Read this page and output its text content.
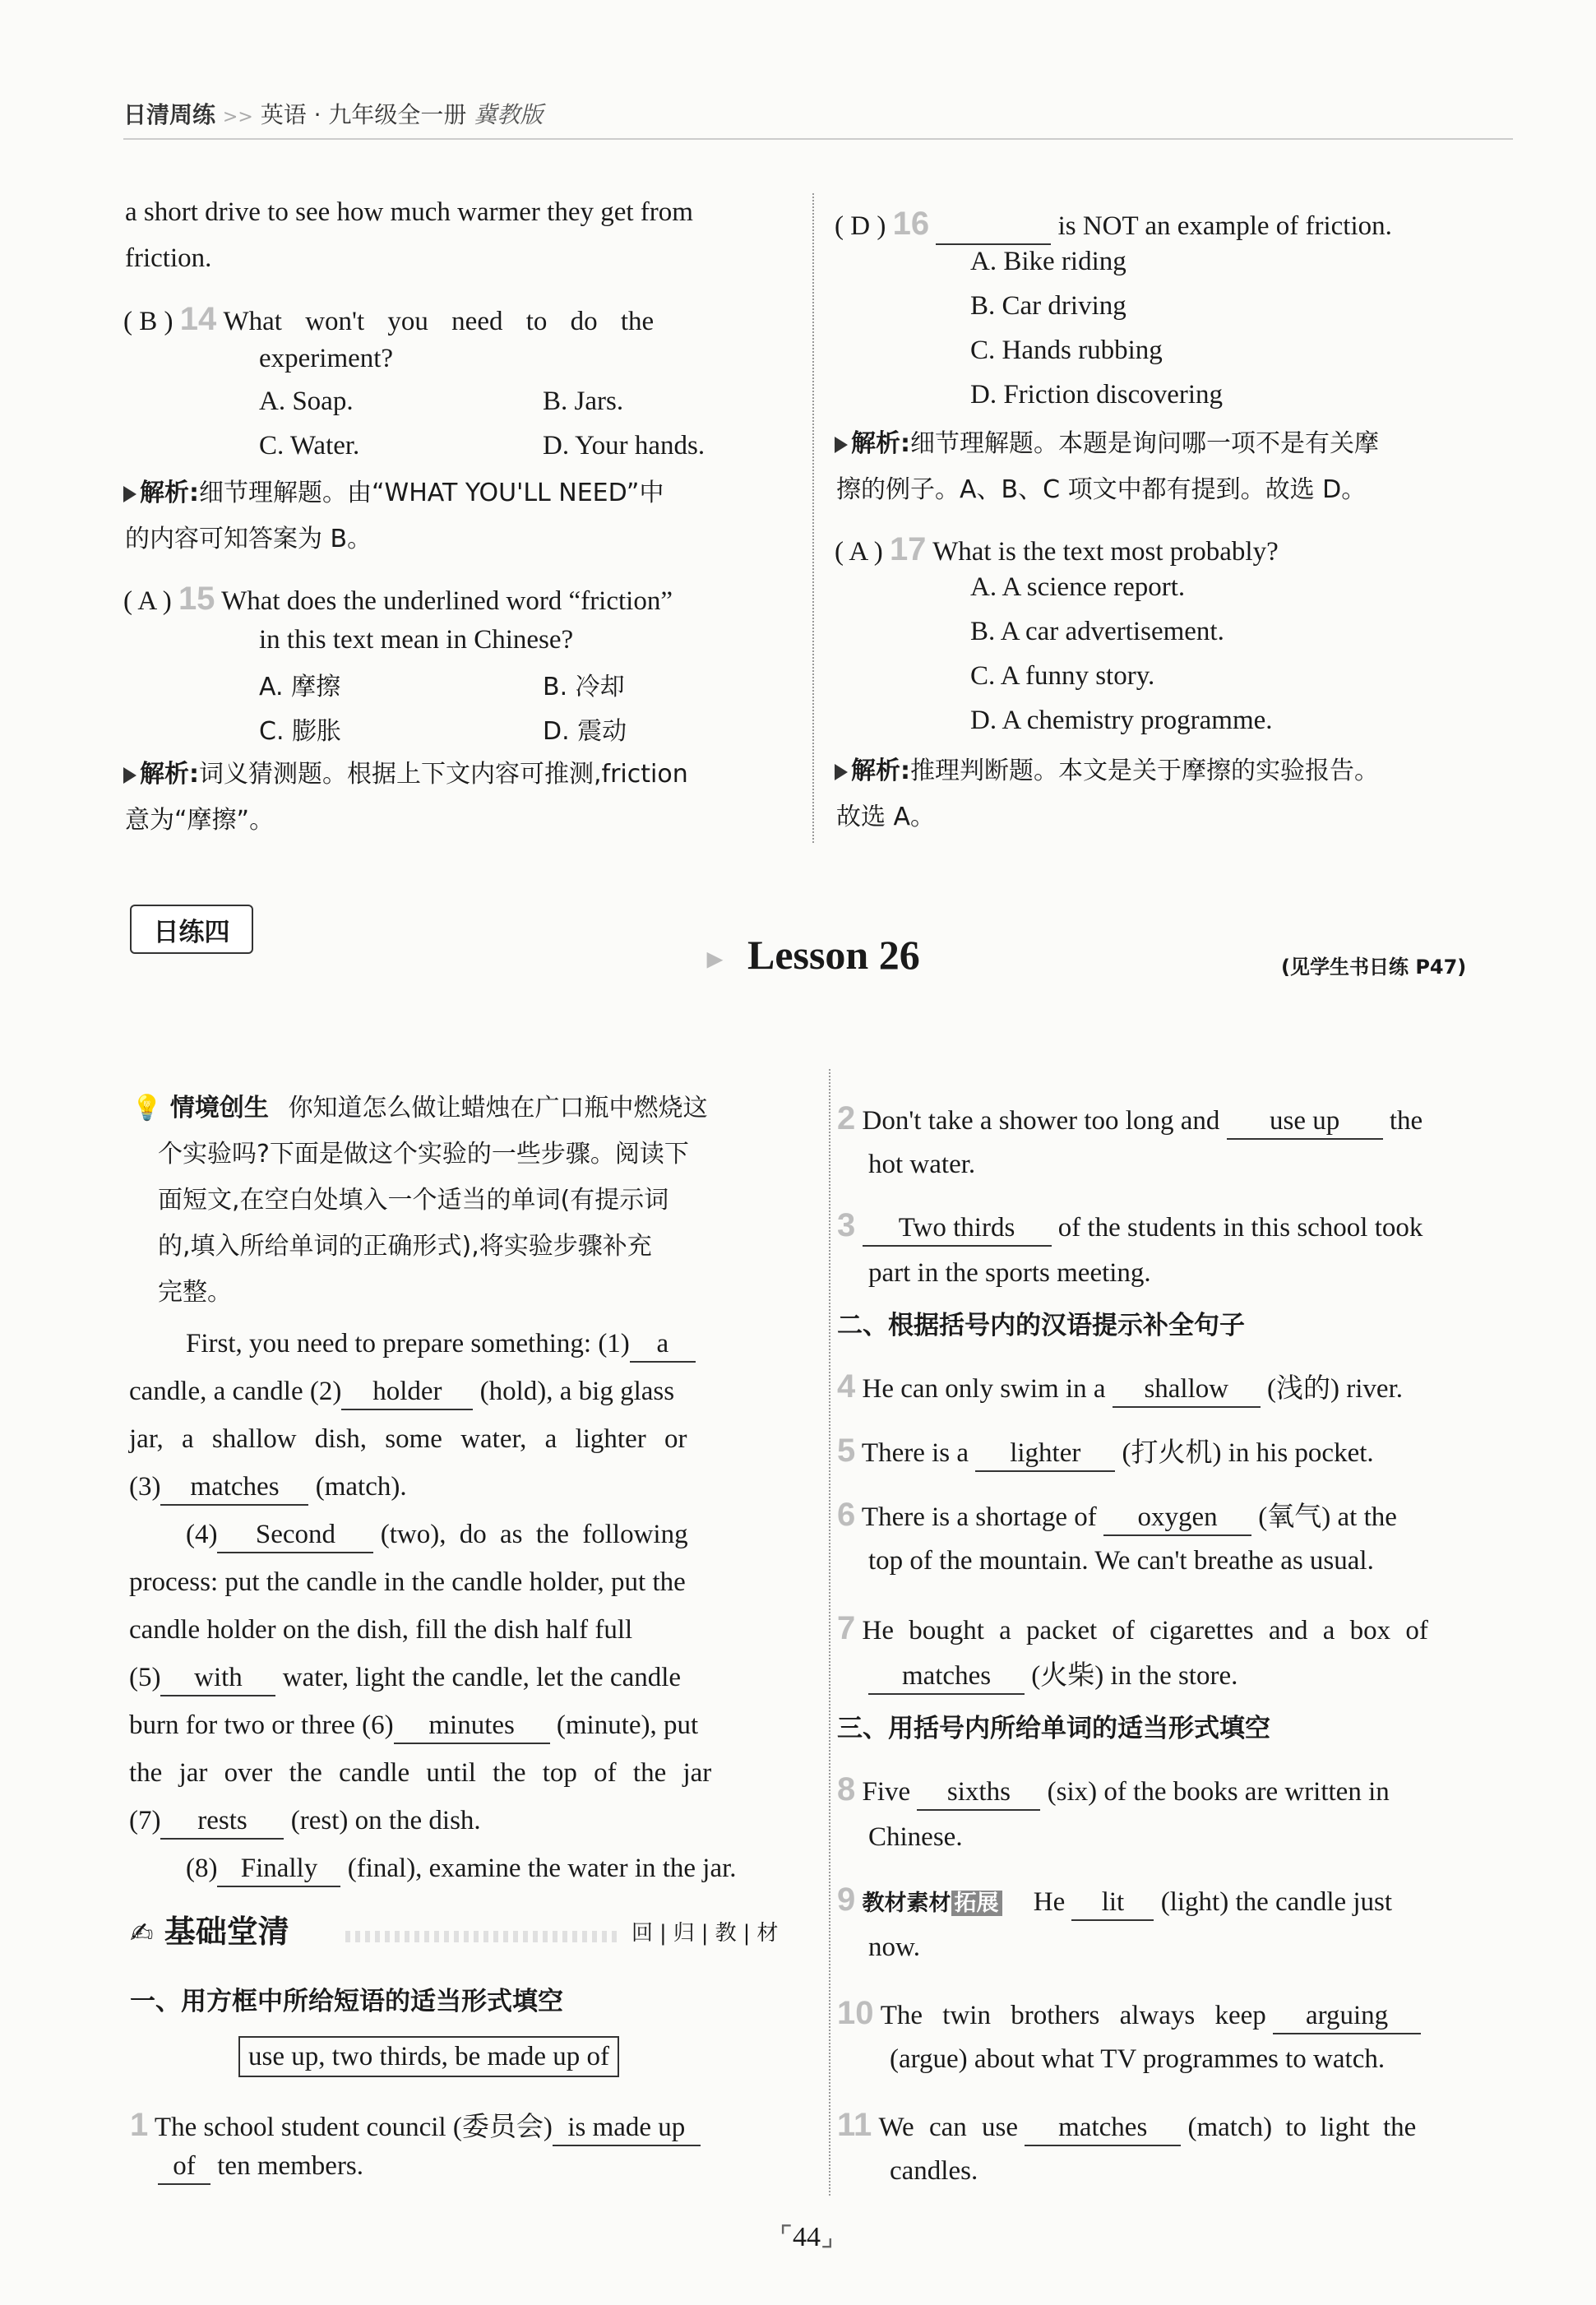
日清周练 >> 英语 · 九年级全一册 冀教版
a short drive to see how much warmer they get from
friction.
( B ) 14 What won't you need to do the
experiment?
A. Soap.	B. Jars.
C. Water.	D. Your hands.
解析:细节理解题。由“WHAT YOU'LL NEED”中
的内容可知答案为 B。
( A ) 15 What does the underlined word “friction”
in this text mean in Chinese?
A. 摩擦	B. 冷却
C. 膨胀	D. 震动
解析:词义猜测题。根据上下文内容可推测,friction
意为“摩擦”。
( D ) 16	is NOT an example of friction.
A. Bike riding
B. Car driving
C. Hands rubbing
D. Friction discovering
解析:细节理解题。本题是询问哪一项不是有关摩
擦的例子。A、B、C 项文中都有提到。故选 D。
( A ) 17 What is the text most probably?
A. A science report.
B. A car advertisement.
C. A funny story.
D. A chemistry programme.
解析:推理判断题。本文是关于摩擦的实验报告。
故选 A。
日练四
▶ Lesson 26	(见学生书日练 P47)
💡 情境创生 你知道怎么做让蜡烛在广口瓶中燃烧这
个实验吗?下面是做这个实验的一些步骤。阅读下
面短文,在空白处填入一个适当的单词(有提示词
的,填入所给单词的正确形式),将实验步骤补充
完整。
First, you need to prepare something: (1) a
candle, a candle (2) holder (hold), a big glass
jar, a shallow dish, some water, a lighter or
(3) matches (match).
(4) Second (two), do as the following
process: put the candle in the candle holder, put the
candle holder on the dish, fill the dish half full
(5) with water, light the candle, let the candle
burn for two or three (6) minutes (minute), put
the jar over the candle until the top of the jar
(7) rests (rest) on the dish.
(8) Finally (final), examine the water in the jar.
✍ 基础堂清	回|归|教|材
一、用方框中所给短语的适当形式填空
use up, two thirds, be made up of
1 The school student council (委员会) is made up
of ten members.
2 Don't take a shower too long and use up the
hot water.
3 Two thirds of the students in this school took
part in the sports meeting.
二、根据括号内的汉语提示补全句子
4 He can only swim in a shallow (浅的) river.
5 There is a lighter (打火机) in his pocket.
6 There is a shortage of oxygen (氧气) at the
top of the mountain. We can't breathe as usual.
7 He bought a packet of cigarettes and a box of
matches (火柴) in the store.
三、用括号内所给单词的适当形式填空
8 Five sixths (six) of the books are written in
Chinese.
9 教材素材 拓展 He lit (light) the candle just
now.
10 The twin brothers always keep arguing
(argue) about what TV programmes to watch.
11 We can use matches (match) to light the
candles.
⌜44⌟
